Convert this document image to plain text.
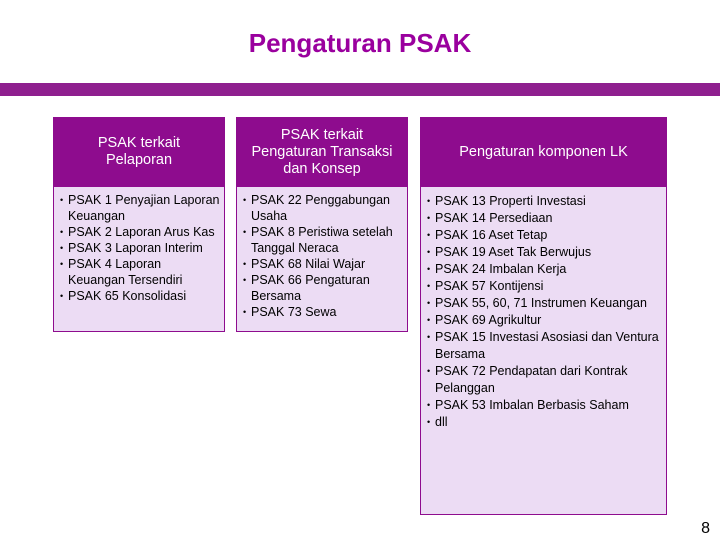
Pengaturan PSAK
PSAK terkait Pelaporan
• PSAK 1 Penyajian Laporan Keuangan
• PSAK 2 Laporan Arus Kas
• PSAK 3 Laporan Interim
• PSAK 4 Laporan Keuangan Tersendiri
• PSAK 65 Konsolidasi
PSAK terkait Pengaturan Transaksi dan Konsep
• PSAK 22 Penggabungan Usaha
• PSAK 8 Peristiwa setelah Tanggal Neraca
• PSAK 68 Nilai Wajar
• PSAK 66 Pengaturan Bersama
• PSAK 73 Sewa
Pengaturan komponen LK
• PSAK 13 Properti Investasi
• PSAK 14 Persediaan
• PSAK 16 Aset Tetap
• PSAK 19 Aset Tak Berwujus
• PSAK 24 Imbalan Kerja
• PSAK 57 Kontijensi
• PSAK 55, 60, 71 Instrumen Keuangan
• PSAK 69 Agrikultur
• PSAK 15 Investasi Asosiasi dan Ventura Bersama
• PSAK 72 Pendapatan dari Kontrak Pelanggan
• PSAK 53 Imbalan Berbasis Saham
• dll
8
